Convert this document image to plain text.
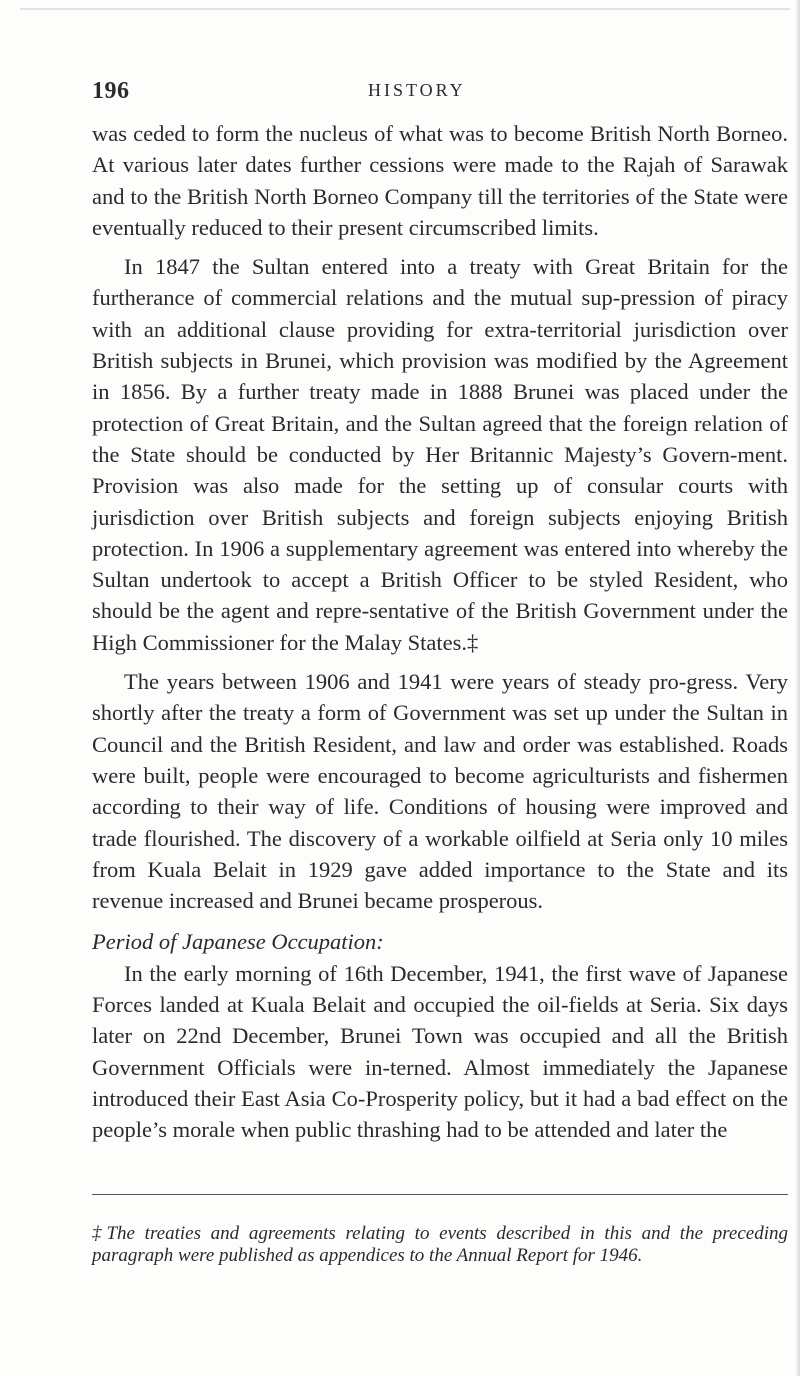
196	HISTORY

was ceded to form the nucleus of what was to become British North Borneo. At various later dates further cessions were made to the Rajah of Sarawak and to the British North Borneo Company till the territories of the State were eventually reduced to their present circumscribed limits.

In 1847 the Sultan entered into a treaty with Great Britain for the furtherance of commercial relations and the mutual sup-pression of piracy with an additional clause providing for extra-territorial jurisdiction over British subjects in Brunei, which provision was modified by the Agreement in 1856. By a further treaty made in 1888 Brunei was placed under the protection of Great Britain, and the Sultan agreed that the foreign relation of the State should be conducted by Her Britannic Majesty’s Govern-ment. Provision was also made for the setting up of consular courts with jurisdiction over British subjects and foreign subjects enjoying British protection. In 1906 a supplementary agreement was entered into whereby the Sultan undertook to accept a British Officer to be styled Resident, who should be the agent and repre-sentative of the British Government under the High Commissioner for the Malay States.‡

The years between 1906 and 1941 were years of steady pro-gress. Very shortly after the treaty a form of Government was set up under the Sultan in Council and the British Resident, and law and order was established. Roads were built, people were encouraged to become agriculturists and fishermen according to their way of life. Conditions of housing were improved and trade flourished. The discovery of a workable oilfield at Seria only 10 miles from Kuala Belait in 1929 gave added importance to the State and its revenue increased and Brunei became prosperous.

Period of Japanese Occupation:

In the early morning of 16th December, 1941, the first wave of Japanese Forces landed at Kuala Belait and occupied the oil-fields at Seria. Six days later on 22nd December, Brunei Town was occupied and all the British Government Officials were in-terned. Almost immediately the Japanese introduced their East Asia Co-Prosperity policy, but it had a bad effect on the people’s morale when public thrashing had to be attended and later the

‡The treaties and agreements relating to events described in this and the preceding paragraph were published as appendices to the Annual Report for 1946.
